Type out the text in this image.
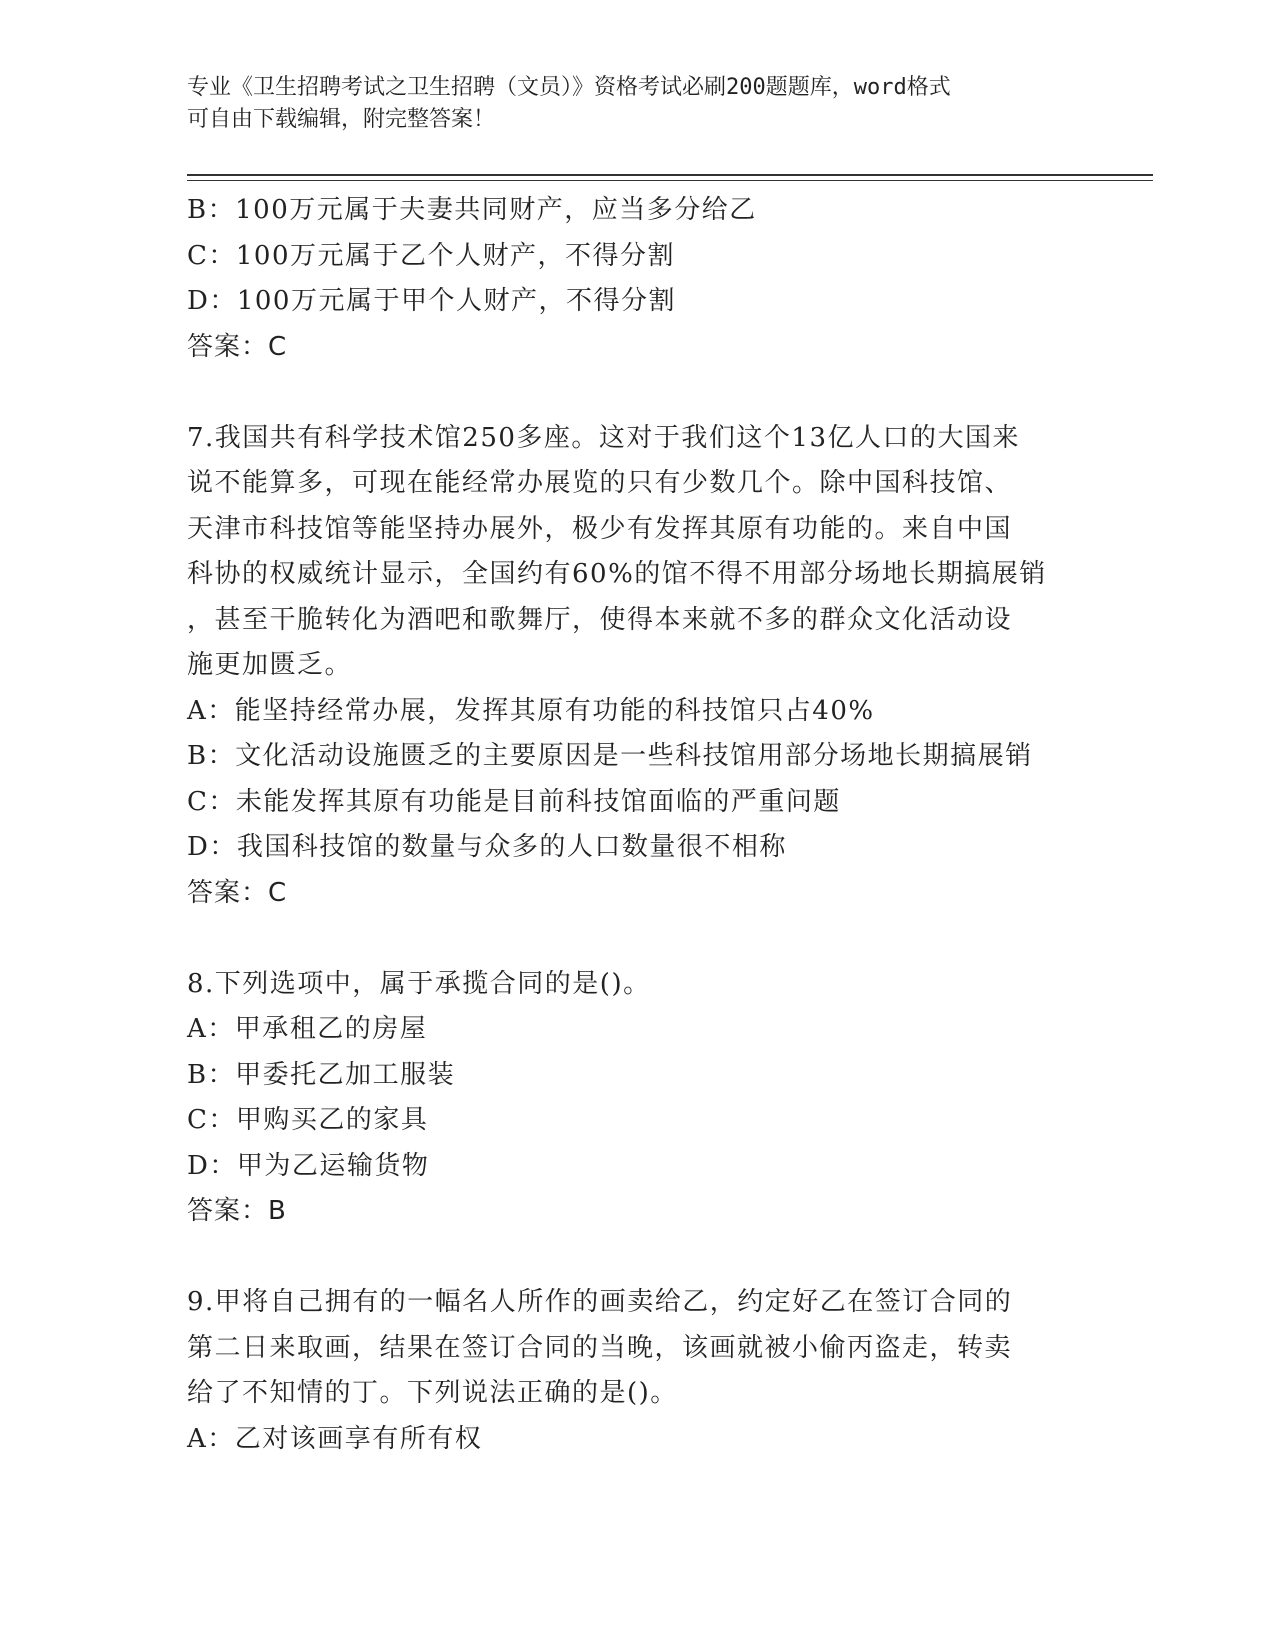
专业《卫生招聘考试之卫生招聘（文员）》资格考试必刷200题题库，word格式
可自由下载编辑，附完整答案！
B：100万元属于夫妻共同财产，应当多分给乙
C：100万元属于乙个人财产，不得分割
D：100万元属于甲个人财产，不得分割
答案：C
7.我国共有科学技术馆250多座。这对于我们这个13亿人口的大国来
说不能算多，可现在能经常办展览的只有少数几个。除中国科技馆、
天津市科技馆等能坚持办展外，极少有发挥其原有功能的。来自中国
科协的权威统计显示，全国约有60%的馆不得不用部分场地长期搞展销
，甚至干脆转化为酒吧和歌舞厅，使得本来就不多的群众文化活动设
施更加匮乏。
A：能坚持经常办展，发挥其原有功能的科技馆只占40%
B：文化活动设施匮乏的主要原因是一些科技馆用部分场地长期搞展销
C：未能发挥其原有功能是目前科技馆面临的严重问题
D：我国科技馆的数量与众多的人口数量很不相称
答案：C
8.下列选项中，属于承揽合同的是()。
A：甲承租乙的房屋
B：甲委托乙加工服装
C：甲购买乙的家具
D：甲为乙运输货物
答案：B
9.甲将自己拥有的一幅名人所作的画卖给乙，约定好乙在签订合同的
第二日来取画，结果在签订合同的当晚，该画就被小偷丙盗走，转卖
给了不知情的丁。下列说法正确的是()。
A：乙对该画享有所有权
